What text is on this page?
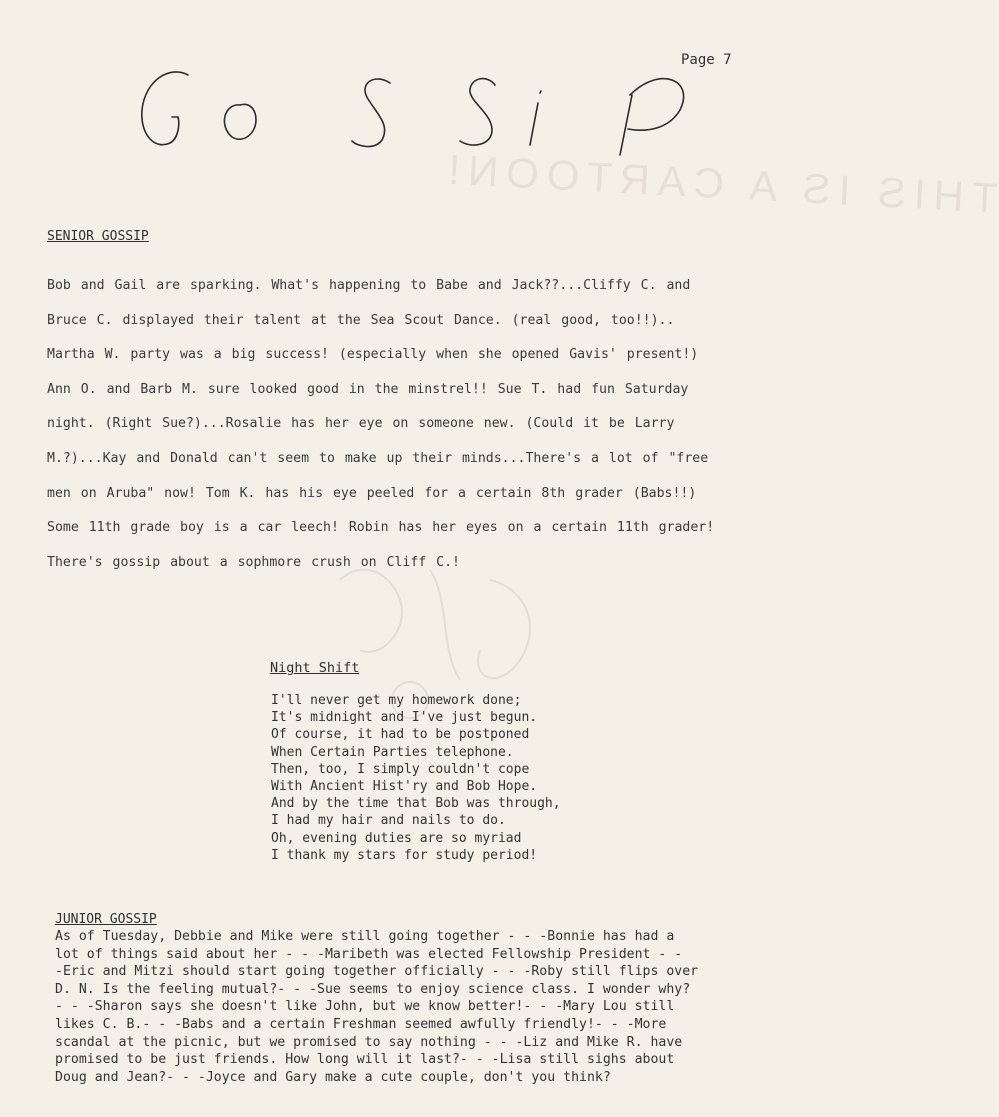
Page 7
THIS IS A CARTOON!
SENIOR GOSSIP
Bob and Gail are sparking. What's happening to Babe and Jack??...Cliffy C. and
Bruce C. displayed their talent at the Sea Scout Dance. (real good, too!!)..
Martha W. party was a big success! (especially when she opened Gavis' present!)
Ann O. and Barb M. sure looked good in the minstrel!! Sue T. had fun Saturday
night. (Right Sue?)...Rosalie has her eye on someone new. (Could it be Larry
M.?)...Kay and Donald can't seem to make up their minds...There's a lot of "free
men on Aruba" now! Tom K. has his eye peeled for a certain 8th grader (Babs!!)
Some 11th grade boy is a car leech! Robin has her eyes on a certain 11th grader!
There's gossip about a sophmore crush on Cliff C.!
Night Shift
I'll never get my homework done;
It's midnight and I've just begun.
Of course, it had to be postponed
When Certain Parties telephone.
Then, too, I simply couldn't cope
With Ancient Hist'ry and Bob Hope.
And by the time that Bob was through,
I had my hair and nails to do.
Oh, evening duties are so myriad
I thank my stars for study period!
JUNIOR GOSSIP
As of Tuesday, Debbie and Mike were still going together - - -Bonnie has had a
lot of things said about her - - -Maribeth was elected Fellowship President - -
-Eric and Mitzi should start going together officially - - -Roby still flips over
D. N. Is the feeling mutual?- - -Sue seems to enjoy science class. I wonder why?
- - -Sharon says she doesn't like John, but we know better!- - -Mary Lou still
likes C. B.- - -Babs and a certain Freshman seemed awfully friendly!- - -More
scandal at the picnic, but we promised to say nothing - - -Liz and Mike R. have
promised to be just friends. How long will it last?- - -Lisa still sighs about
Doug and Jean?- - -Joyce and Gary make a cute couple, don't you think?
